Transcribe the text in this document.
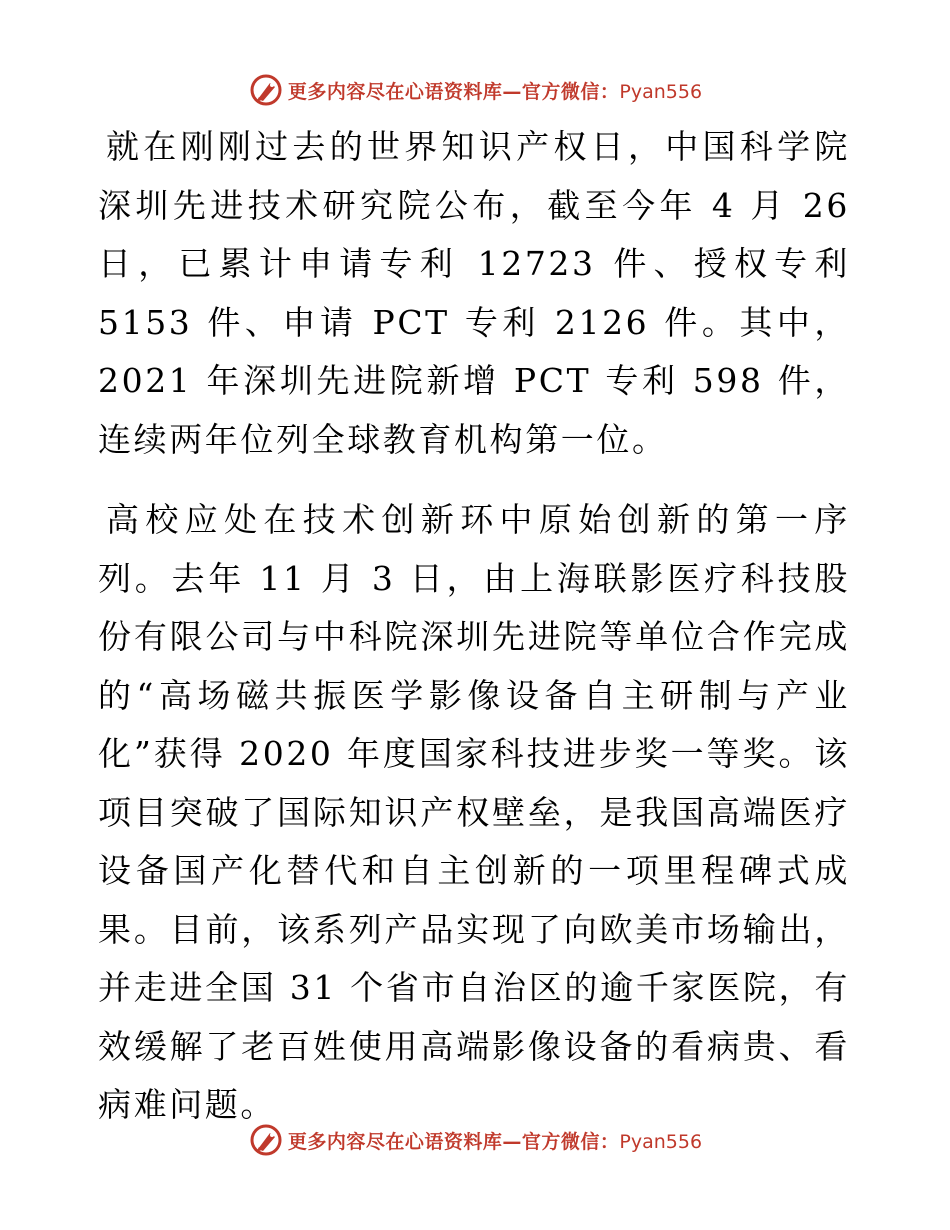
更多内容尽在心语资料库—官方微信：Pyan556

就在刚刚过去的世界知识产权日，中国科学院深圳先进技术研究院公布，截至今年 4 月 26日，已累计申请专利 12723 件、授权专利 5153 件、申请 PCT 专利 2126 件。其中，2021 年深圳先进院新增 PCT 专利 598 件，连续两年位列全球教育机构第一位。

高校应处在技术创新环中原始创新的第一序列。去年 11 月 3 日，由上海联影医疗科技股份有限公司与中科院深圳先进院等单位合作完成的“高场磁共振医学影像设备自主研制与产业化”获得 2020 年度国家科技进步奖一等奖。该项目突破了国际知识产权壁垒，是我国高端医疗设备国产化替代和自主创新的一项里程碑式成果。目前，该系列产品实现了向欧美市场输出，并走进全国 31 个省市自治区的逾千家医院，有效缓解了老百姓使用高端影像设备的看病贵、看病难问题。

更多内容尽在心语资料库—官方微信：Pyan556
